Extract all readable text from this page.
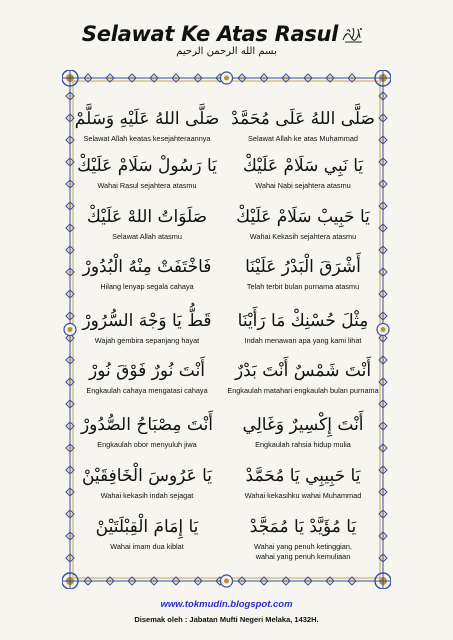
Selawat Ke Atas Rasul
بسم الله الرحمن الرحيم
صَلَّى اللهُ عَلَيْهِ وَسَلَّمْ
Selawat Allah keatas kesejahteraannya
صَلَّى اللهُ عَلَى مُحَمَّدْ
Selawat Allah ke atas Muhammad
يَا رَسُولْ سَلَامْ عَلَيْكْ
Wahai Rasul sejahtera atasmu
يَا نَبِي سَلَامْ عَلَيْكْ
Wahai Nabi sejahtera atasmu
صَلَوَاتُ اللهْ عَلَيْكْ
Selawat Allah atasmu
يَا حَبِيبْ سَلَامْ عَلَيْكْ
Wahai Kekasih sejahtera atasmu
فَاخْتَفَتْ مِنْهُ الْبُدُورْ
Hilang lenyap segala cahaya
أَشْرَقَ الْبَدْرُ عَلَيْنَا
Telah terbit bulan purnama atasmu
قَطُّ يَا وَجْهَ السُّرُورْ
Wajah gembira sepanjang hayat
مِثْلَ حُسْنِكْ مَا رَأَيْنَا
Indah menawan apa yang kami lihat
أَنْتَ نُورٌ فَوْقَ نُورْ
Engkaulah cahaya mengatasi cahaya
أَنْتَ شَمْسٌ أَنْتَ بَدْرٌ
Engkaulah matahari engkaulah bulan purnama
أَنْتَ مِصْبَاحُ الصُّدُورْ
Engkaulah obor menyuluh jiwa
أَنْتَ إِكْسِيرٌ وَغَالِي
Engkaulah rahsia hidup mulia
يَا عَرُوسَ الْخَافِقَيْنْ
Wahai kekasih indah sejagat
يَا حَبِيبِي يَا مُحَمَّدْ
Wahai kekasihku wahai Muhammad
يَا إِمَامَ الْقِبْلَتَيْنْ
Wahai imam dua kiblat
يَا مُؤَيَّدْ يَا مُمَجَّدْ
Wahai yang penuh ketinggian,
wahai yang penuh kemuliaan
www.tokmudin.blogspot.com
Disemak oleh : Jabatan Mufti Negeri Melaka, 1432H.
